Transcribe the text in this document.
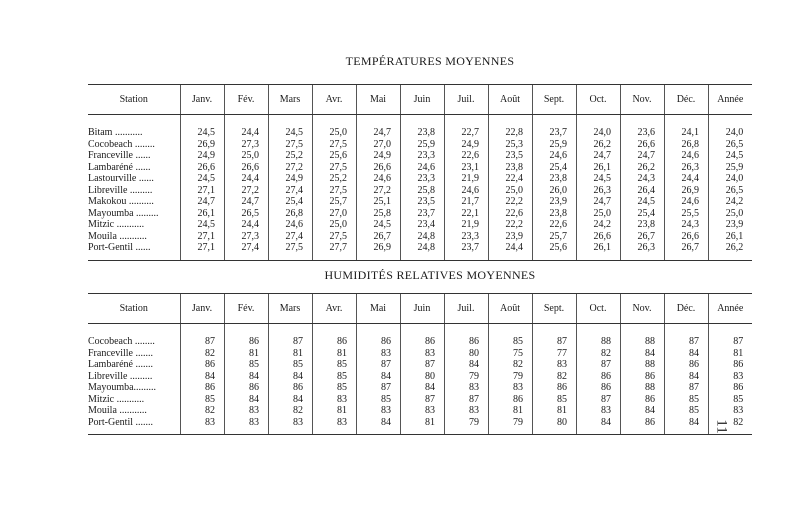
TEMPÉRATURES MOYENNES
Station	Janv.	Fév.	Mars	Avr.	Mai	Juin	Juil.	Août	Sept.	Oct.	Nov.	Déc.	Année

Bitam ...........	24,5	24,4	24,5	25,0	24,7	23,8	22,7	22,8	23,7	24,0	23,6	24,1	24,0
Cocobeach ........	26,9	27,3	27,5	27,5	27,0	25,9	24,9	25,3	25,9	26,2	26,6	26,8	26,5
Franceville ......	24,9	25,0	25,2	25,6	24,9	23,3	22,6	23,5	24,6	24,7	24,7	24,6	24,5
Lambaréné ......	26,6	26,6	27,2	27,5	26,6	24,6	23,1	23,8	25,4	26,1	26,2	26,3	25,9
Lastourville ......	24,5	24,4	24,9	25,2	24,6	23,3	21,9	22,4	23,8	24,5	24,3	24,4	24,0
Libreville .........	27,1	27,2	27,4	27,5	27,2	25,8	24,6	25,0	26,0	26,3	26,4	26,9	26,5
Makokou ..........	24,7	24,7	25,4	25,7	25,1	23,5	21,7	22,2	23,9	24,7	24,5	24,6	24,2
Mayoumba .........	26,1	26,5	26,8	27,0	25,8	23,7	22,1	22,6	23,8	25,0	25,4	25,5	25,0
Mitzic ...........	24,5	24,4	24,6	25,0	24,5	23,4	21,9	22,2	22,6	24,2	23,8	24,3	23,9
Mouila ...........	27,1	27,3	27,4	27,5	26,7	24,8	23,3	23,9	25,7	26,6	26,7	26,6	26,1
Port-Gentil ......	27,1	27,4	27,5	27,7	26,9	24,8	23,7	24,4	25,6	26,1	26,3	26,7	26,2

HUMIDITÉS RELATIVES MOYENNES
Station	Janv.	Fév.	Mars	Avr.	Mai	Juin	Juil.	Août	Sept.	Oct.	Nov.	Déc.	Année

Cocobeach ........	87	86	87	86	86	86	86	85	87	88	88	87	87
Franceville .......	82	81	81	81	83	83	80	75	77	82	84	84	81
Lambaréné .......	86	85	85	85	87	87	84	82	83	87	88	86	86
Libreville .........	84	84	84	85	84	80	79	79	82	86	86	84	83
Mayoumba.........	86	86	86	85	87	84	83	83	86	86	88	87	86
Mitzic ...........	85	84	84	83	85	87	87	86	85	87	86	85	85
Mouila ...........	82	83	82	81	83	83	83	81	81	83	84	85	83
Port-Gentil .......	83	83	83	83	84	81	79	79	80	84	86	84	82

11
